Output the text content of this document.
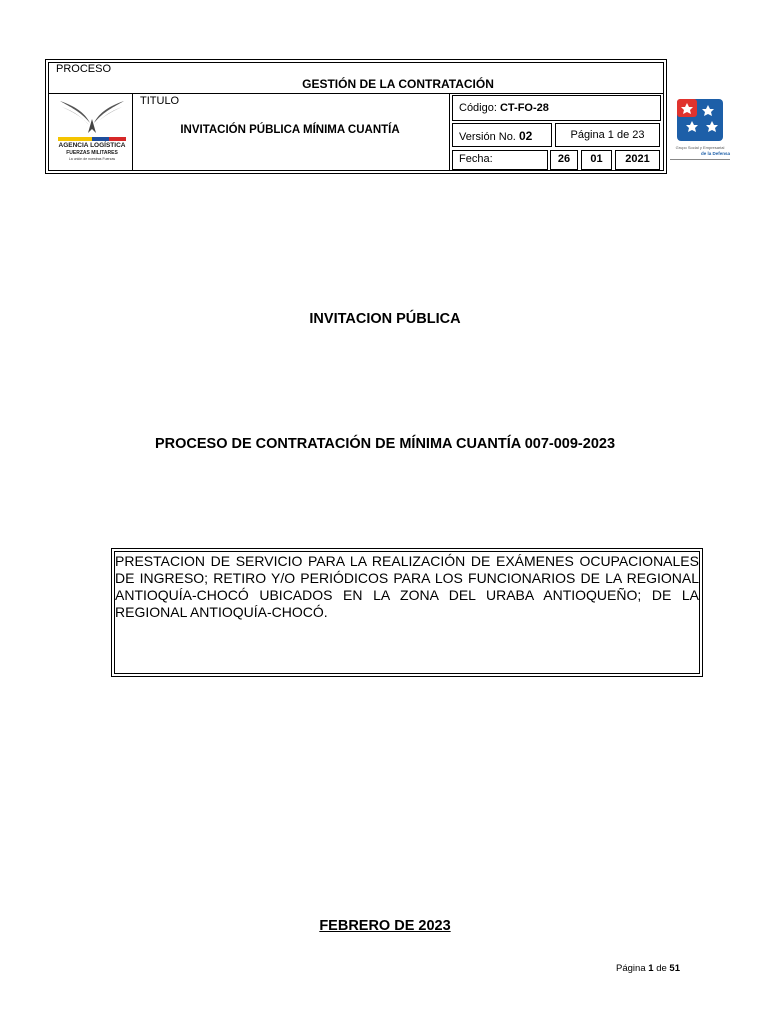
PROCESO
GESTIÓN DE LA CONTRATACIÓN
TITULO
INVITACIÓN PÚBLICA MÍNIMA CUANTÍA
Código: CT-FO-28
Versión No. 02	Página 1 de 23
Fecha:	26	01	2021
AGENCIA LOGÍSTICA
FUERZAS MILITARES
La unión de nuestras Fuerzas
Grupo Social y Empresarial
de la Defensa
INVITACION PÚBLICA
PROCESO DE CONTRATACIÓN DE MÍNIMA CUANTÍA 007-009-2023
PRESTACION DE SERVICIO PARA LA REALIZACIÓN DE EXÁMENES OCUPACIONALES DE INGRESO; RETIRO Y/O PERIÓDICOS PARA LOS FUNCIONARIOS DE LA REGIONAL ANTIOQUÍA-CHOCÓ UBICADOS EN LA ZONA DEL URABA ANTIOQUEÑO; DE LA REGIONAL ANTIOQUÍA-CHOCÓ.
FEBRERO DE 2023
Página 1 de 51
